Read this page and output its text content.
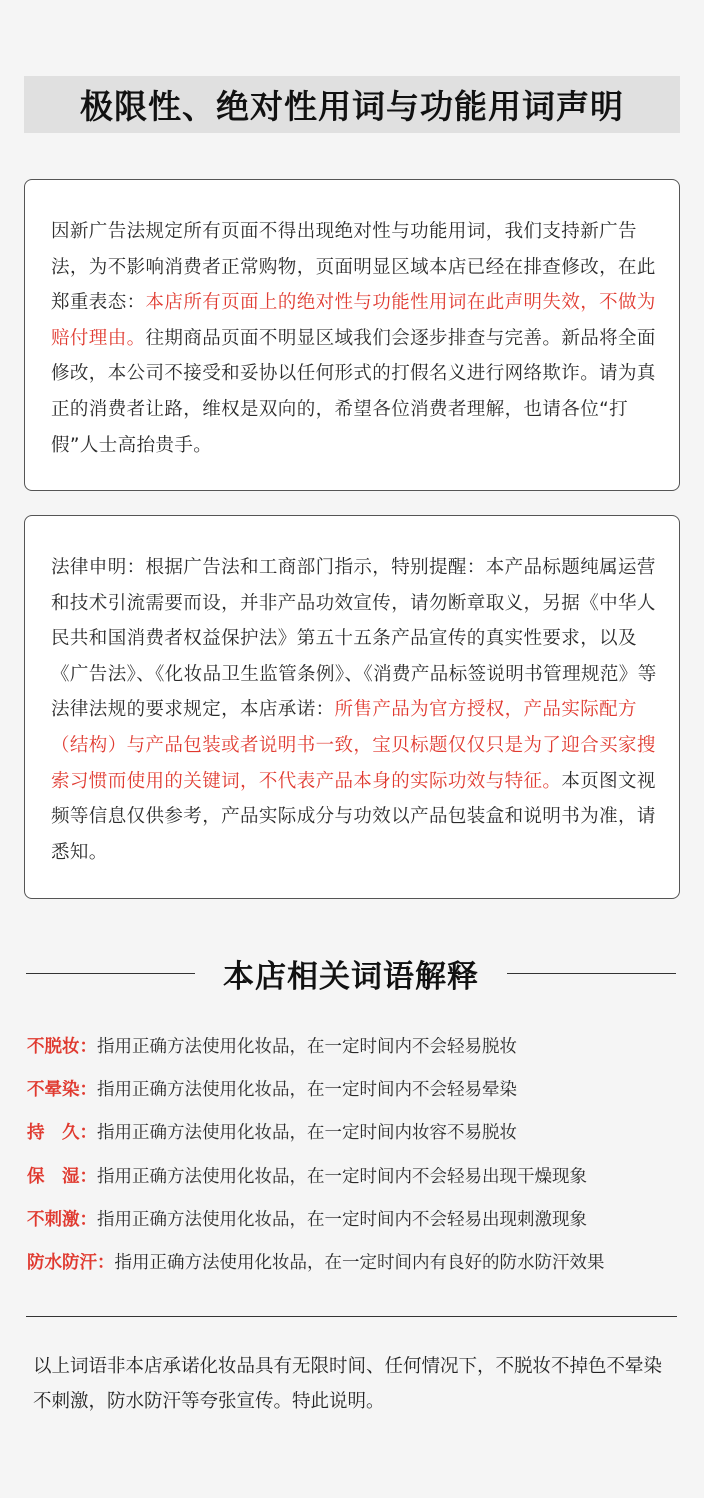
极限性、绝对性用词与功能用词声明

因新广告法规定所有页面不得出现绝对性与功能用词，我们支持新广告法，为不影响消费者正常购物，页面明显区域本店已经在排查修改，在此郑重表态：本店所有页面上的绝对性与功能性用词在此声明失效，不做为赔付理由。往期商品页面不明显区域我们会逐步排查与完善。新品将全面修改，本公司不接受和妥协以任何形式的打假名义进行网络欺诈。请为真正的消费者让路，维权是双向的，希望各位消费者理解，也请各位“打假”人士高抬贵手。

法律申明：根据广告法和工商部门指示，特别提醒：本产品标题纯属运营和技术引流需要而设，并非产品功效宣传，请勿断章取义，另据《中华人民共和国消费者权益保护法》第五十五条产品宣传的真实性要求，以及《广告法》、《化妆品卫生监管条例》、《消费产品标签说明书管理规范》等法律法规的要求规定，本店承诺：所售产品为官方授权，产品实际配方（结构）与产品包装或者说明书一致，宝贝标题仅仅只是为了迎合买家搜索习惯而使用的关键词，不代表产品本身的实际功效与特征。本页图文视频等信息仅供参考，产品实际成分与功效以产品包装盒和说明书为准，请悉知。

本店相关词语解释
不脱妆： 指用正确方法使用化妆品，在一定时间内不会轻易脱妆
不晕染： 指用正确方法使用化妆品，在一定时间内不会轻易晕染
持　久： 指用正确方法使用化妆品，在一定时间内妆容不易脱妆
保　湿： 指用正确方法使用化妆品，在一定时间内不会轻易出现干燥现象
不刺激： 指用正确方法使用化妆品，在一定时间内不会轻易出现刺激现象
防水防汗： 指用正确方法使用化妆品，在一定时间内有良好的防水防汗效果

以上词语非本店承诺化妆品具有无限时间、任何情况下，不脱妆不掉色不晕染不刺激，防水防汗等夸张宣传。特此说明。
